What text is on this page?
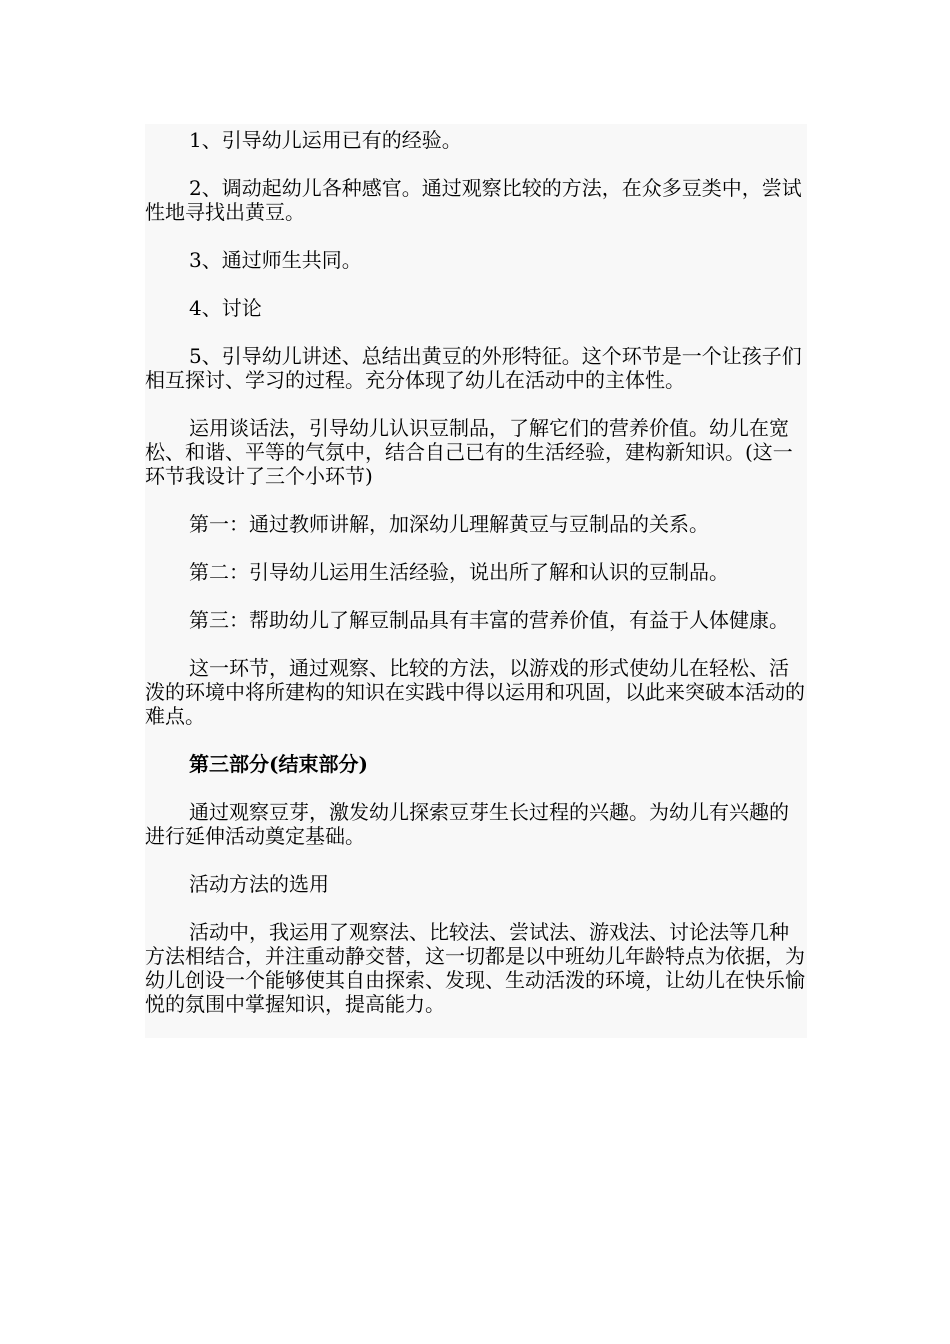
1、引导幼儿运用已有的经验。

2、调动起幼儿各种感官。通过观察比较的方法，在众多豆类中，尝试性地寻找出黄豆。

3、通过师生共同。

4、讨论

5、引导幼儿讲述、总结出黄豆的外形特征。这个环节是一个让孩子们相互探讨、学习的过程。充分体现了幼儿在活动中的主体性。

运用谈话法，引导幼儿认识豆制品，了解它们的营养价值。幼儿在宽松、和谐、平等的气氛中，结合自己已有的生活经验，建构新知识。(这一环节我设计了三个小环节)

第一：通过教师讲解，加深幼儿理解黄豆与豆制品的关系。

第二：引导幼儿运用生活经验，说出所了解和认识的豆制品。

第三：帮助幼儿了解豆制品具有丰富的营养价值，有益于人体健康。

这一环节，通过观察、比较的方法，以游戏的形式使幼儿在轻松、活泼的环境中将所建构的知识在实践中得以运用和巩固，以此来突破本活动的难点。

第三部分(结束部分)

通过观察豆芽，激发幼儿探索豆芽生长过程的兴趣。为幼儿有兴趣的进行延伸活动奠定基础。

活动方法的选用

活动中，我运用了观察法、比较法、尝试法、游戏法、讨论法等几种方法相结合，并注重动静交替，这一切都是以中班幼儿年龄特点为依据，为幼儿创设一个能够使其自由探索、发现、生动活泼的环境，让幼儿在快乐愉悦的氛围中掌握知识，提高能力。
